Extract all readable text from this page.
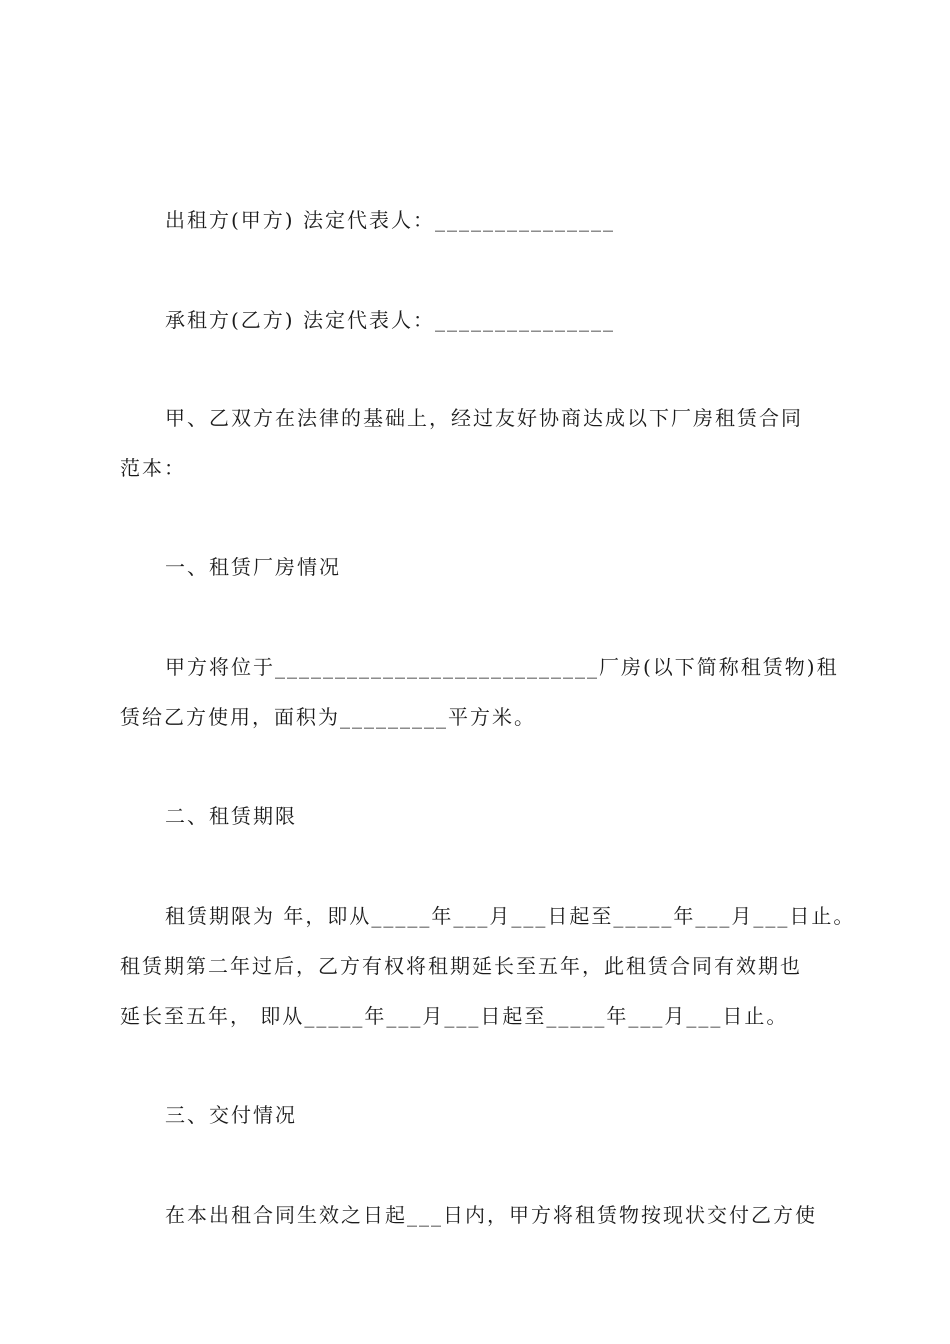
出租方(甲方) 法定代表人：_______________
承租方(乙方) 法定代表人：_______________
甲、乙双方在法律的基础上，经过友好协商达成以下厂房租赁合同
范本：
一、租赁厂房情况
甲方将位于___________________________厂房(以下简称租赁物)租
赁给乙方使用，面积为_________平方米。
二、租赁期限
租赁期限为 年，即从_____年___月___日起至_____年___月___日止。
租赁期第二年过后，乙方有权将租期延长至五年，此租赁合同有效期也
延长至五年， 即从_____年___月___日起至_____年___月___日止。
三、交付情况
在本出租合同生效之日起___日内，甲方将租赁物按现状交付乙方使
